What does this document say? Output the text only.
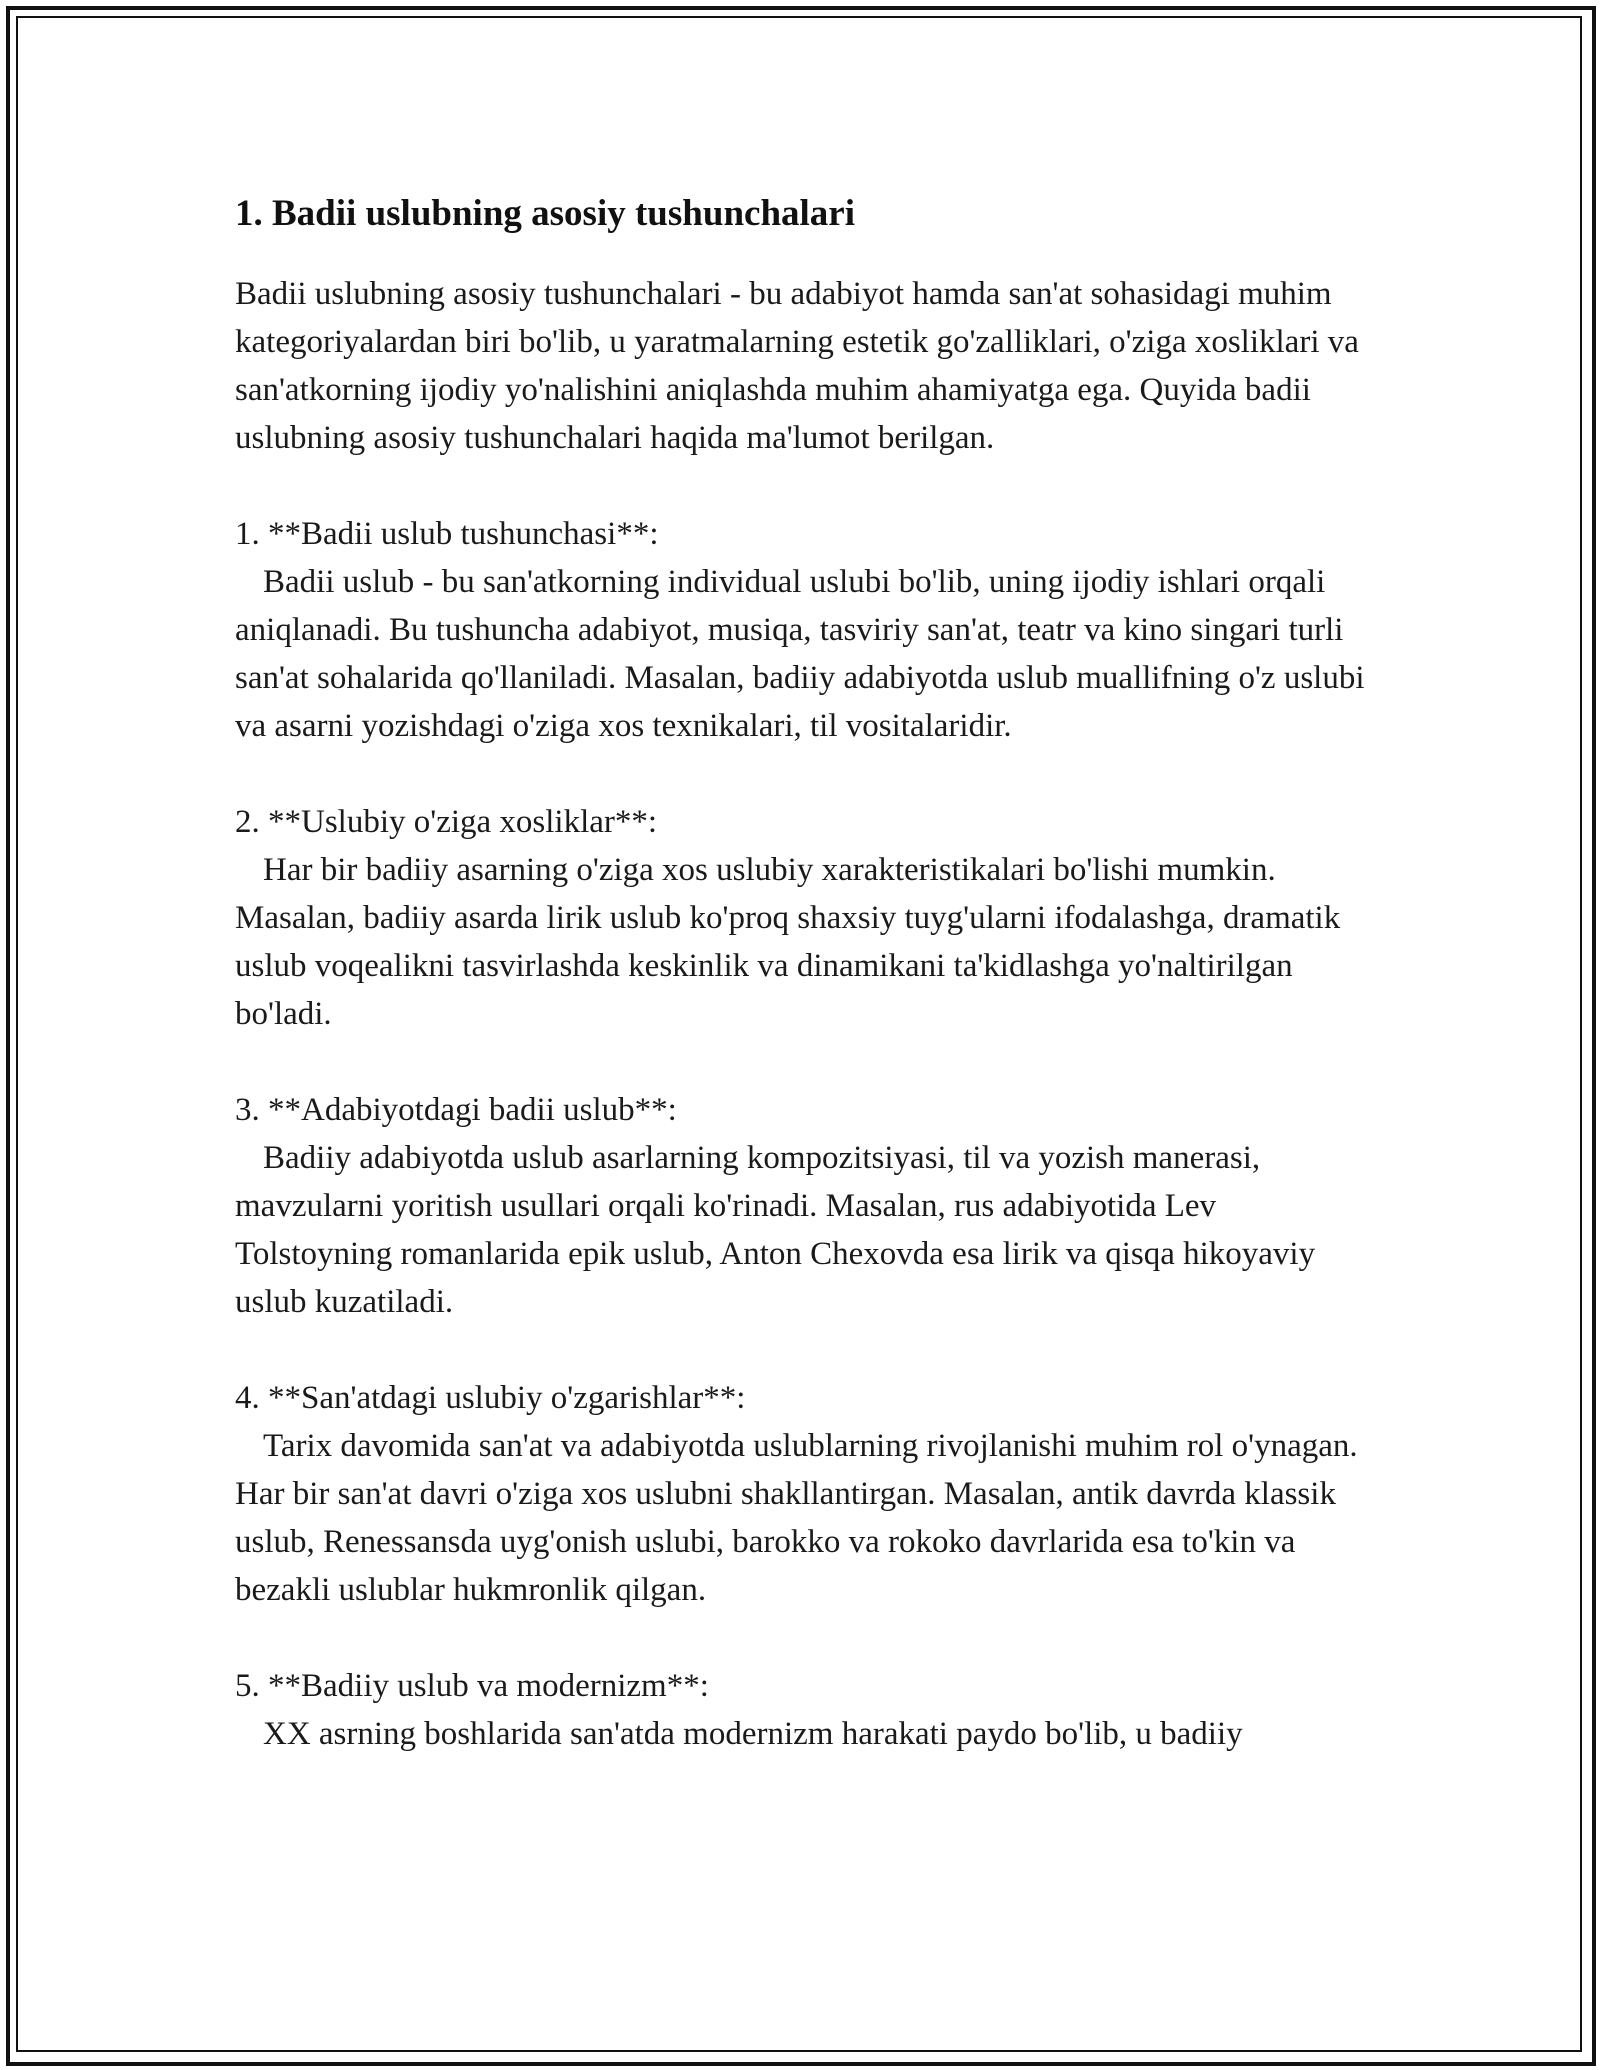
1. Badii uslubning asosiy tushunchalari

Badii uslubning asosiy tushunchalari - bu adabiyot hamda san'at sohasidagi muhim kategoriyalardan biri bo'lib, u yaratmalarning estetik go'zalliklari, o'ziga xosliklari va san'atkorning ijodiy yo'nalishini aniqlashda muhim ahamiyatga ega. Quyida badii uslubning asosiy tushunchalari haqida ma'lumot berilgan.

1. **Badii uslub tushunchasi**:

Badii uslub - bu san'atkorning individual uslubi bo'lib, uning ijodiy ishlari orqali aniqlanadi. Bu tushuncha adabiyot, musiqa, tasviriy san'at, teatr va kino singari turli san'at sohalarida qo'llaniladi. Masalan, badiiy adabiyotda uslub muallifning o'z uslubi va asarni yozishdagi o'ziga xos texnikalari, til vositalaridir.

2. **Uslubiy o'ziga xosliklar**:

Har bir badiiy asarning o'ziga xos uslubiy xarakteristikalari bo'lishi mumkin. Masalan, badiiy asarda lirik uslub ko'proq shaxsiy tuyg'ularni ifodalashga, dramatik uslub voqealikni tasvirlashda keskinlik va dinamikani ta'kidlashga yo'naltirilgan bo'ladi.

3. **Adabiyotdagi badii uslub**:

Badiiy adabiyotda uslub asarlarning kompozitsiyasi, til va yozish manerasi, mavzularni yoritish usullari orqali ko'rinadi. Masalan, rus adabiyotida Lev Tolstoyning romanlarida epik uslub, Anton Chexovda esa lirik va qisqa hikoyaviy uslub kuzatiladi.

4. **San'atdagi uslubiy o'zgarishlar**:

Tarix davomida san'at va adabiyotda uslublarning rivojlanishi muhim rol o'ynagan. Har bir san'at davri o'ziga xos uslubni shakllantirgan. Masalan, antik davrda klassik uslub, Renessansda uyg'onish uslubi, barokko va rokoko davrlarida esa to'kin va bezakli uslublar hukmronlik qilgan.

5. **Badiiy uslub va modernizm**:

XX asrning boshlarida san'atda modernizm harakati paydo bo'lib, u badiiy
